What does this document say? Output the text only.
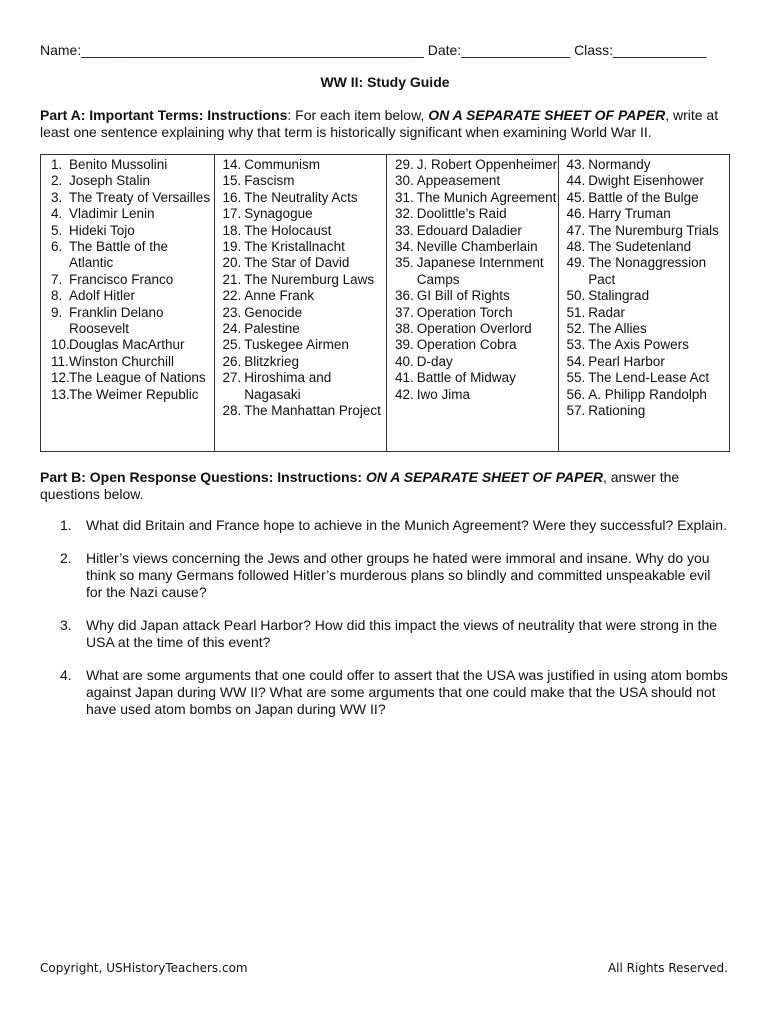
Name:____________________________________________ Date:______________ Class:____________
WW II: Study Guide
Part A: Important Terms: Instructions: For each item below, ON A SEPARATE SHEET OF PAPER, write at least one sentence explaining why that term is historically significant when examining World War II.
1. Benito Mussolini
2. Joseph Stalin
3. The Treaty of Versailles
4. Vladimir Lenin
5. Hideki Tojo
6. The Battle of the Atlantic
7. Francisco Franco
8. Adolf Hitler
9. Franklin Delano Roosevelt
10. Douglas MacArthur
11. Winston Churchill
12. The League of Nations
13. The Weimer Republic
14. Communism
15. Fascism
16. The Neutrality Acts
17. Synagogue
18. The Holocaust
19. The Kristallnacht
20. The Star of David
21. The Nuremburg Laws
22. Anne Frank
23. Genocide
24. Palestine
25. Tuskegee Airmen
26. Blitzkrieg
27. Hiroshima and Nagasaki
28. The Manhattan Project
29. J. Robert Oppenheimer
30. Appeasement
31. The Munich Agreement
32. Doolittle’s Raid
33. Edouard Daladier
34. Neville Chamberlain
35. Japanese Internment Camps
36. GI Bill of Rights
37. Operation Torch
38. Operation Overlord
39. Operation Cobra
40. D-day
41. Battle of Midway
42. Iwo Jima
43. Normandy
44. Dwight Eisenhower
45. Battle of the Bulge
46. Harry Truman
47. The Nuremburg Trials
48. The Sudetenland
49. The Nonaggression Pact
50. Stalingrad
51. Radar
52. The Allies
53. The Axis Powers
54. Pearl Harbor
55. The Lend-Lease Act
56. A. Philipp Randolph
57. Rationing
Part B: Open Response Questions: Instructions: ON A SEPARATE SHEET OF PAPER, answer the questions below.
1.	What did Britain and France hope to achieve in the Munich Agreement? Were they successful? Explain.
2.	Hitler’s views concerning the Jews and other groups he hated were immoral and insane. Why do you think so many Germans followed Hitler’s murderous plans so blindly and committed unspeakable evil for the Nazi cause?
3.	Why did Japan attack Pearl Harbor? How did this impact the views of neutrality that were strong in the USA at the time of this event?
4.	What are some arguments that one could offer to assert that the USA was justified in using atom bombs against Japan during WW II? What are some arguments that one could make that the USA should not have used atom bombs on Japan during WW II?
Copyright, USHistoryTeachers.com	All Rights Reserved.
